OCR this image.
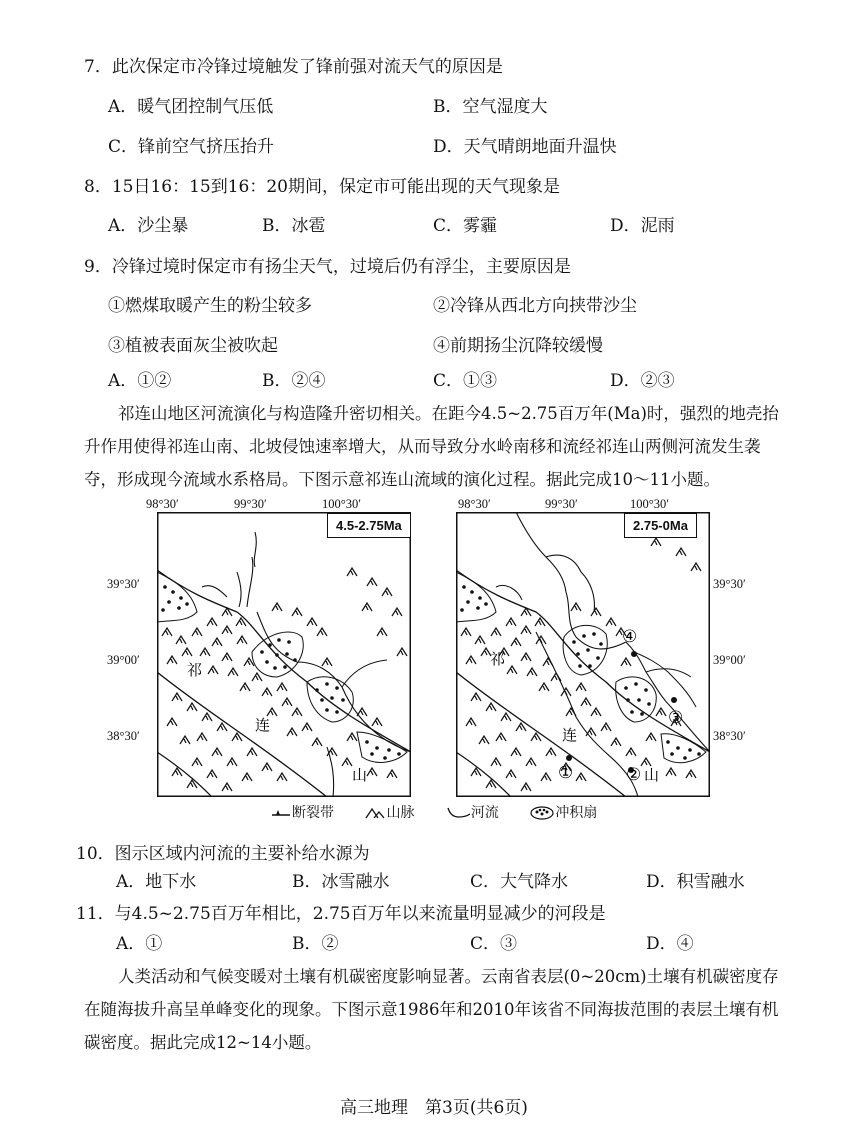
7．此次保定市冷锋过境触发了锋前强对流天气的原因是
A．暖气团控制气压低	B．空气湿度大
C．锋前空气挤压抬升	D．天气晴朗地面升温快
8．15日16：15到16：20期间，保定市可能出现的天气现象是
A．沙尘暴	B．冰雹	C．雾霾	D．泥雨
9．冷锋过境时保定市有扬尘天气，过境后仍有浮尘，主要原因是
①燃煤取暖产生的粉尘较多	②冷锋从西北方向挟带沙尘
③植被表面灰尘被吹起	④前期扬尘沉降较缓慢
A．①②	B．②④	C．①③	D．②③
祁连山地区河流演化与构造隆升密切相关。在距今4.5~2.75百万年(Ma)时，强烈的地壳抬升作用使得祁连山南、北坡侵蚀速率增大，从而导致分水岭南移和流经祁连山两侧河流发生袭夺，形成现今流域水系格局。下图示意祁连山流域的演化过程。据此完成10～11小题。
98°30′	99°30′	100°30′
39°30′
39°00′
38°30′
98°30′	99°30′	100°30′
39°30′
39°00′
38°30′
祁
连
山
4.5-2.75Ma
祁
连
山
①	②
③
④
2.75-0Ma
断裂带	山脉	河流	冲积扇
10．图示区域内河流的主要补给水源为
A．地下水	B．冰雪融水	C．大气降水	D．积雪融水
11．与4.5~2.75百万年相比，2.75百万年以来流量明显减少的河段是
A．①	B．②	C．③	D．④
人类活动和气候变暖对土壤有机碳密度影响显著。云南省表层(0~20cm)土壤有机碳密度存在随海拔升高呈单峰变化的现象。下图示意1986年和2010年该省不同海拔范围的表层土壤有机碳密度。据此完成12~14小题。
高三地理　第3页(共6页)
